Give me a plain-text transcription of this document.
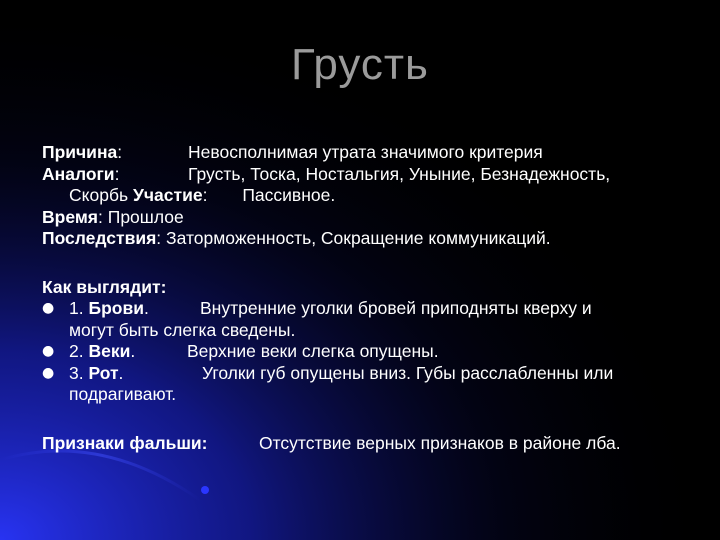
Грусть
Причина:	Невосполнимая утрата значимого критерия
Аналоги:	Грусть, Тоска, Ностальгия, Уныние, Безнадежность,
Скорбь Участие: Пассивное.
Время: Прошлое
Последствия: Заторможенность, Сокращение коммуникаций.
Как выглядит:
● 1. Брови.	Внутренние уголки бровей приподняты кверху и
могут быть слегка сведены.
● 2. Веки.	Верхние веки слегка опущены.
● 3. Рот.	Уголки губ опущены вниз. Губы расслабленны или
подрагивают.
Признаки фальши:	Отсутствие верных признаков в районе лба.
